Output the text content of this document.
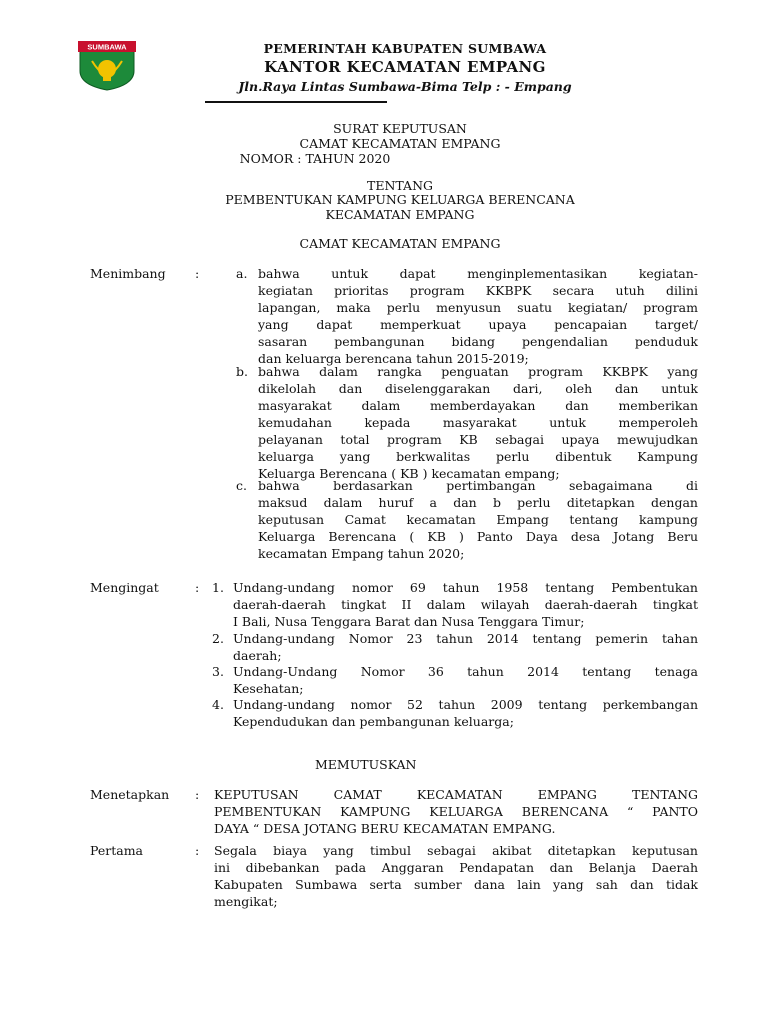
SUMBAWA	PEMERINTAH KABUPATEN SUMBAWA
KANTOR KECAMATAN EMPANG
Jln.Raya Lintas Sumbawa-Bima Telp : - Empang
SURAT KEPUTUSAN
CAMAT KECAMATAN EMPANG
NOMOR : TAHUN 2020
TENTANG
PEMBENTUKAN KAMPUNG KELUARGA BERENCANA
KECAMATAN EMPANG
CAMAT KECAMATAN EMPANG
Menimbang :	a. bahwa untuk dapat menginplementasikan kegiatan-
kegiatan prioritas program KKBPK secara utuh dilini
lapangan, maka perlu menyusun suatu kegiatan/ program
yang dapat memperkuat upaya pencapaian target/
sasaran pembangunan bidang pengendalian penduduk
dan keluarga berencana tahun 2015-2019;
b. bahwa dalam rangka penguatan program KKBPK yang
dikelolah dan diselenggarakan dari, oleh dan untuk
masyarakat dalam memberdayakan dan memberikan
kemudahan kepada masyarakat untuk memperoleh
pelayanan total program KB sebagai upaya mewujudkan
keluarga yang berkwalitas perlu dibentuk Kampung
Keluarga Berencana ( KB ) kecamatan empang;
c. bahwa berdasarkan pertimbangan sebagaimana di
maksud dalam huruf a dan b perlu ditetapkan dengan
keputusan Camat kecamatan Empang tentang kampung
Keluarga Berencana ( KB ) Panto Daya desa Jotang Beru
kecamatan Empang tahun 2020;
Mengingat	: 1. Undang-undang nomor 69 tahun 1958 tentang Pembentukan
daerah-daerah tingkat II dalam wilayah daerah-daerah tingkat
I Bali, Nusa Tenggara Barat dan Nusa Tenggara Timur;
2. Undang-undang Nomor 23 tahun 2014 tentang pemerin tahan
daerah;
3. Undang-Undang Nomor 36 tahun 2014 tentang tenaga
Kesehatan;
4. Undang-undang nomor 52 tahun 2009 tentang perkembangan
Kependudukan dan pembangunan keluarga;
MEMUTUSKAN
Menetapkan : KEPUTUSAN CAMAT KECAMATAN EMPANG TENTANG
PEMBENTUKAN KAMPUNG KELUARGA BERENCANA “ PANTO
DAYA “ DESA JOTANG BERU KECAMATAN EMPANG.
Pertama	: Segala biaya yang timbul sebagai akibat ditetapkan keputusan
ini dibebankan pada Anggaran Pendapatan dan Belanja Daerah
Kabupaten Sumbawa serta sumber dana lain yang sah dan tidak
mengikat;
